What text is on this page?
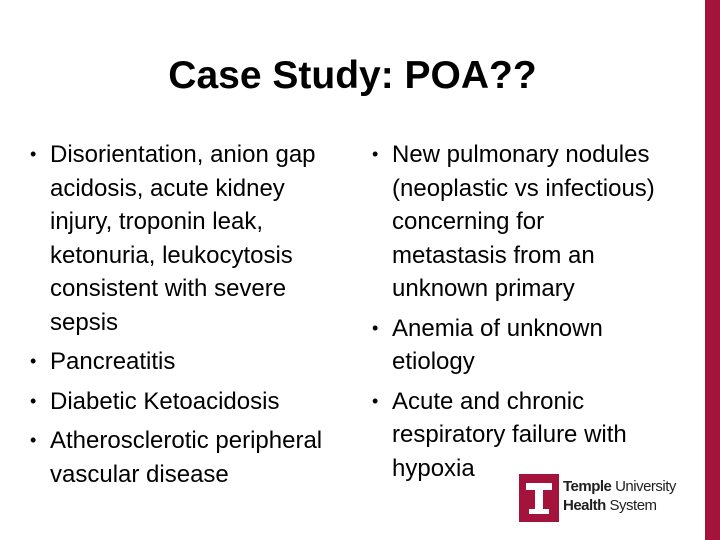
Case Study: POA??
• Disorientation, anion gap
acidosis, acute kidney
injury, troponin leak,
ketonuria, leukocytosis
consistent with severe
sepsis
• Pancreatitis
• Diabetic Ketoacidosis
• Atherosclerotic peripheral
vascular disease
• New pulmonary nodules
(neoplastic vs infectious)
concerning for
metastasis from an
unknown primary
• Anemia of unknown
etiology
• Acute and chronic
respiratory failure with
hypoxia
Temple University
Health System
